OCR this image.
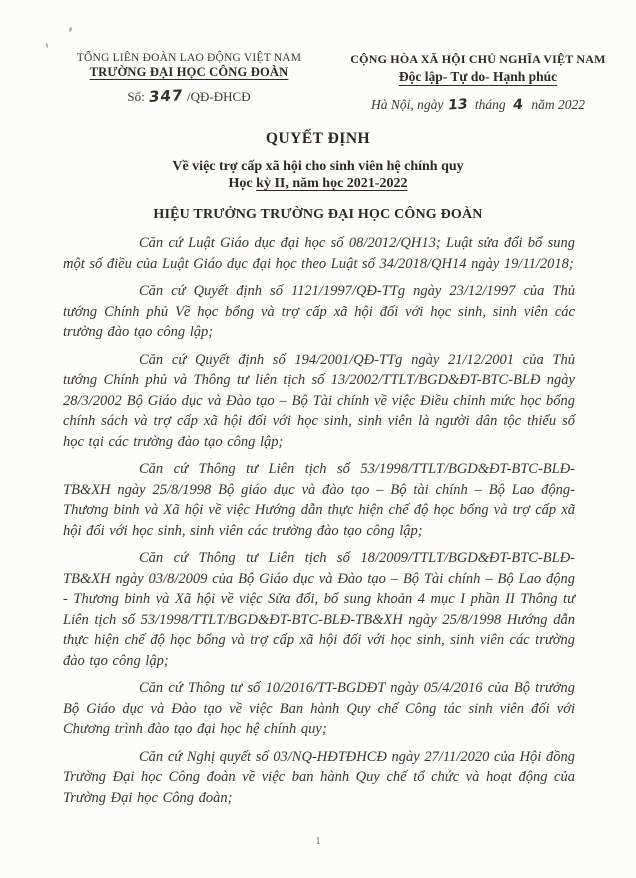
TỔNG LIÊN ĐOÀN LAO ĐỘNG VIỆT NAM
TRƯỜNG ĐẠI HỌC CÔNG ĐOÀN
Số: 347 /QĐ-ĐHCĐ
CỘNG HÒA XÃ HỘI CHỦ NGHĨA VIỆT NAM
Độc lập- Tự do- Hạnh phúc
Hà Nội, ngày 13 tháng 4 năm 2022
QUYẾT ĐỊNH
Về việc trợ cấp xã hội cho sinh viên hệ chính quy
Học kỳ II, năm học 2021-2022
HIỆU TRƯỞNG TRƯỜNG ĐẠI HỌC CÔNG ĐOÀN

Căn cứ Luật Giáo dục đại học số 08/2012/QH13; Luật sửa đổi bổ sung một số điều của Luật Giáo dục đại học theo Luật số 34/2018/QH14 ngày 19/11/2018;

Căn cứ Quyết định số 1121/1997/QĐ-TTg ngày 23/12/1997 của Thủ tướng Chính phủ Về học bổng và trợ cấp xã hội đối với học sinh, sinh viên các trường đào tạo công lập;

Căn cứ Quyết định số 194/2001/QĐ-TTg ngày 21/12/2001 của Thủ tướng Chính phủ và Thông tư liên tịch số 13/2002/TTLT/BGD&ĐT-BTC-BLĐ ngày 28/3/2002 Bộ Giáo dục và Đào tạo – Bộ Tài chính về việc Điều chỉnh mức học bổng chính sách và trợ cấp xã hội đối với học sinh, sinh viên là người dân tộc thiểu số học tại các trường đào tạo công lập;

Căn cứ Thông tư Liên tịch số 53/1998/TTLT/BGD&ĐT-BTC-BLĐ-TB&XH ngày 25/8/1998 Bộ giáo dục và đào tạo – Bộ tài chính – Bộ Lao động- Thương binh và Xã hội về việc Hướng dẫn thực hiện chế độ học bổng và trợ cấp xã hội đối với học sinh, sinh viên các trường đào tạo công lập;

Căn cứ Thông tư Liên tịch số 18/2009/TTLT/BGD&ĐT-BTC-BLĐ-TB&XH ngày 03/8/2009 của Bộ Giáo dục và Đào tạo – Bộ Tài chính – Bộ Lao động - Thương binh và Xã hội về việc Sửa đổi, bổ sung khoản 4 mục I phần II Thông tư Liên tịch số 53/1998/TTLT/BGD&ĐT-BTC-BLĐ-TB&XH ngày 25/8/1998 Hướng dẫn thực hiện chế độ học bổng và trợ cấp xã hội đối với học sinh, sinh viên các trường đào tạo công lập;

Căn cứ Thông tư số 10/2016/TT-BGDĐT ngày 05/4/2016 của Bộ trưởng Bộ Giáo dục và Đào tạo về việc Ban hành Quy chế Công tác sinh viên đối với Chương trình đào tạo đại học hệ chính quy;

Căn cứ Nghị quyết số 03/NQ-HĐTĐHCĐ ngày 27/11/2020 của Hội đồng Trường Đại học Công đoàn về việc ban hành Quy chế tổ chức và hoạt động của Trường Đại học Công đoàn;

1
